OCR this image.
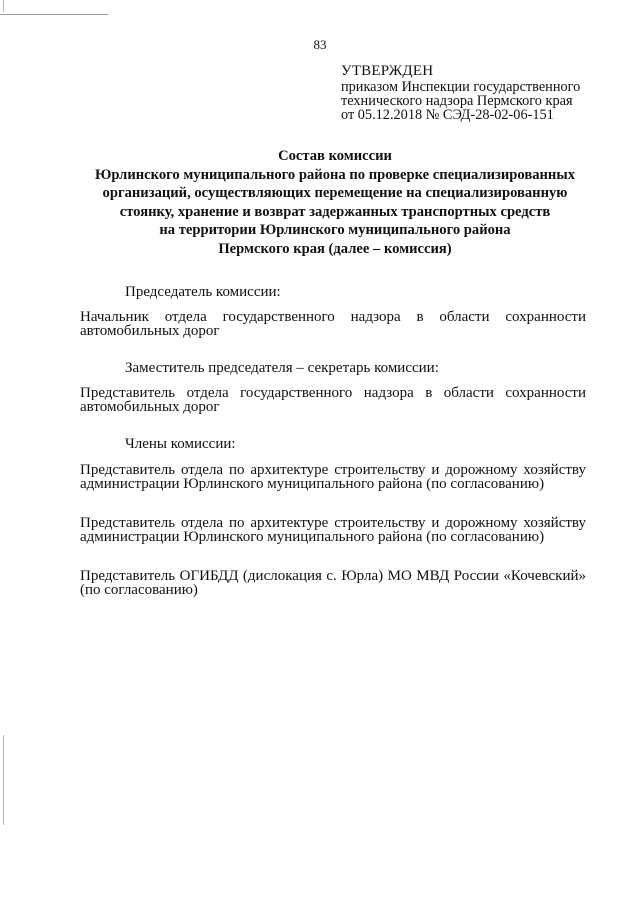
83
УТВЕРЖДЕН
приказом Инспекции государственного
технического надзора Пермского края
от 05.12.2018 № СЭД-28-02-06-151
Состав комиссии
Юрлинского муниципального района по проверке специализированных
организаций, осуществляющих перемещение на специализированную
стоянку, хранение и возврат задержанных транспортных средств
на территории Юрлинского муниципального района
Пермского края (далее – комиссия)
Председатель комиссии:
Начальник отдела государственного надзора в области сохранности
автомобильных дорог
Заместитель председателя – секретарь комиссии:
Представитель отдела государственного надзора в области сохранности
автомобильных дорог
Члены комиссии:
Представитель отдела по архитектуре строительству и дорожному хозяйству
администрации Юрлинского муниципального района (по согласованию)
Представитель отдела по архитектуре строительству и дорожному хозяйству
администрации Юрлинского муниципального района (по согласованию)
Представитель ОГИБДД (дислокация с. Юрла) МО МВД России «Кочевский»
(по согласованию)
